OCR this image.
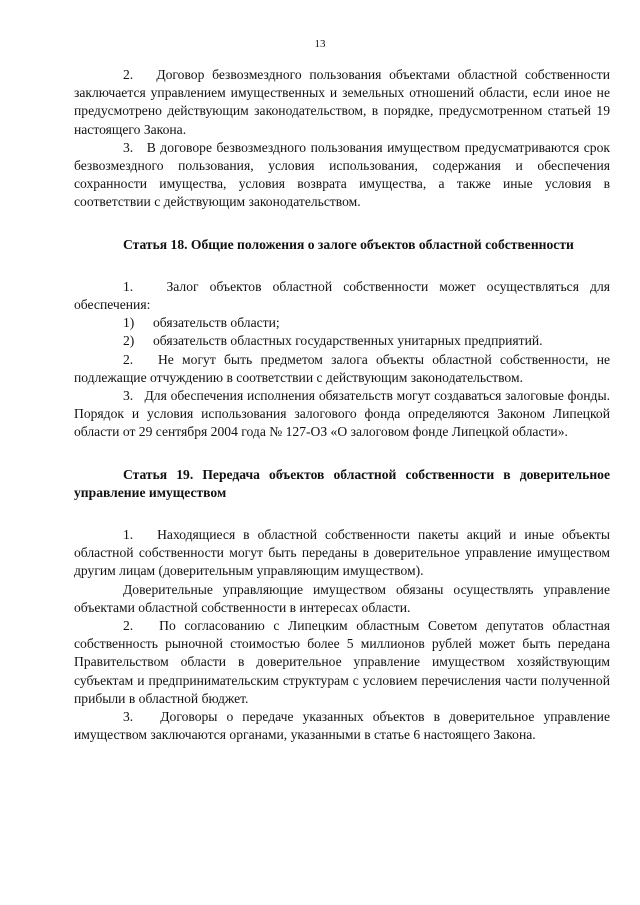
13

2.   Договор безвозмездного пользования объектами областной собственности заключается управлением имущественных и земельных отношений области, если иное не предусмотрено действующим законодательством, в порядке, предусмотренном статьей 19 настоящего Закона.

3.   В договоре безвозмездного пользования имуществом предусматриваются срок безвозмездного пользования, условия использования, содержания и обеспечения сохранности имущества, условия возврата имущества, а также иные условия в соответствии с действующим законодательством.

Статья 18. Общие положения о залоге объектов областной собственности

1.   Залог объектов областной собственности может осуществляться для обеспечения:

1)	обязательств области;
2)	обязательств областных государственных унитарных предприятий.

2.   Не могут быть предметом залога объекты областной собственности, не подлежащие отчуждению в соответствии с действующим законодательством.

3.   Для обеспечения исполнения обязательств могут создаваться залоговые фонды. Порядок и условия использования залогового фонда определяются Законом Липецкой области от 29 сентября 2004 года № 127-ОЗ «О залоговом фонде Липецкой области».

Статья 19. Передача объектов областной собственности в доверительное управление имуществом

1.   Находящиеся в областной собственности пакеты акций и иные объекты областной собственности могут быть переданы в доверительное управление имуществом другим лицам (доверительным управляющим имуществом).

Доверительные управляющие имуществом обязаны осуществлять управление объектами областной собственности в интересах области.

2.   По согласованию с Липецким областным Советом депутатов областная собственность рыночной стоимостью более 5 миллионов рублей может быть передана Правительством области в доверительное управление имуществом хозяйствующим субъектам и предпринимательским структурам с условием перечисления части полученной прибыли в областной бюджет.

3.   Договоры о передаче указанных объектов в доверительное управление имуществом заключаются органами, указанными в статье 6 настоящего Закона.
